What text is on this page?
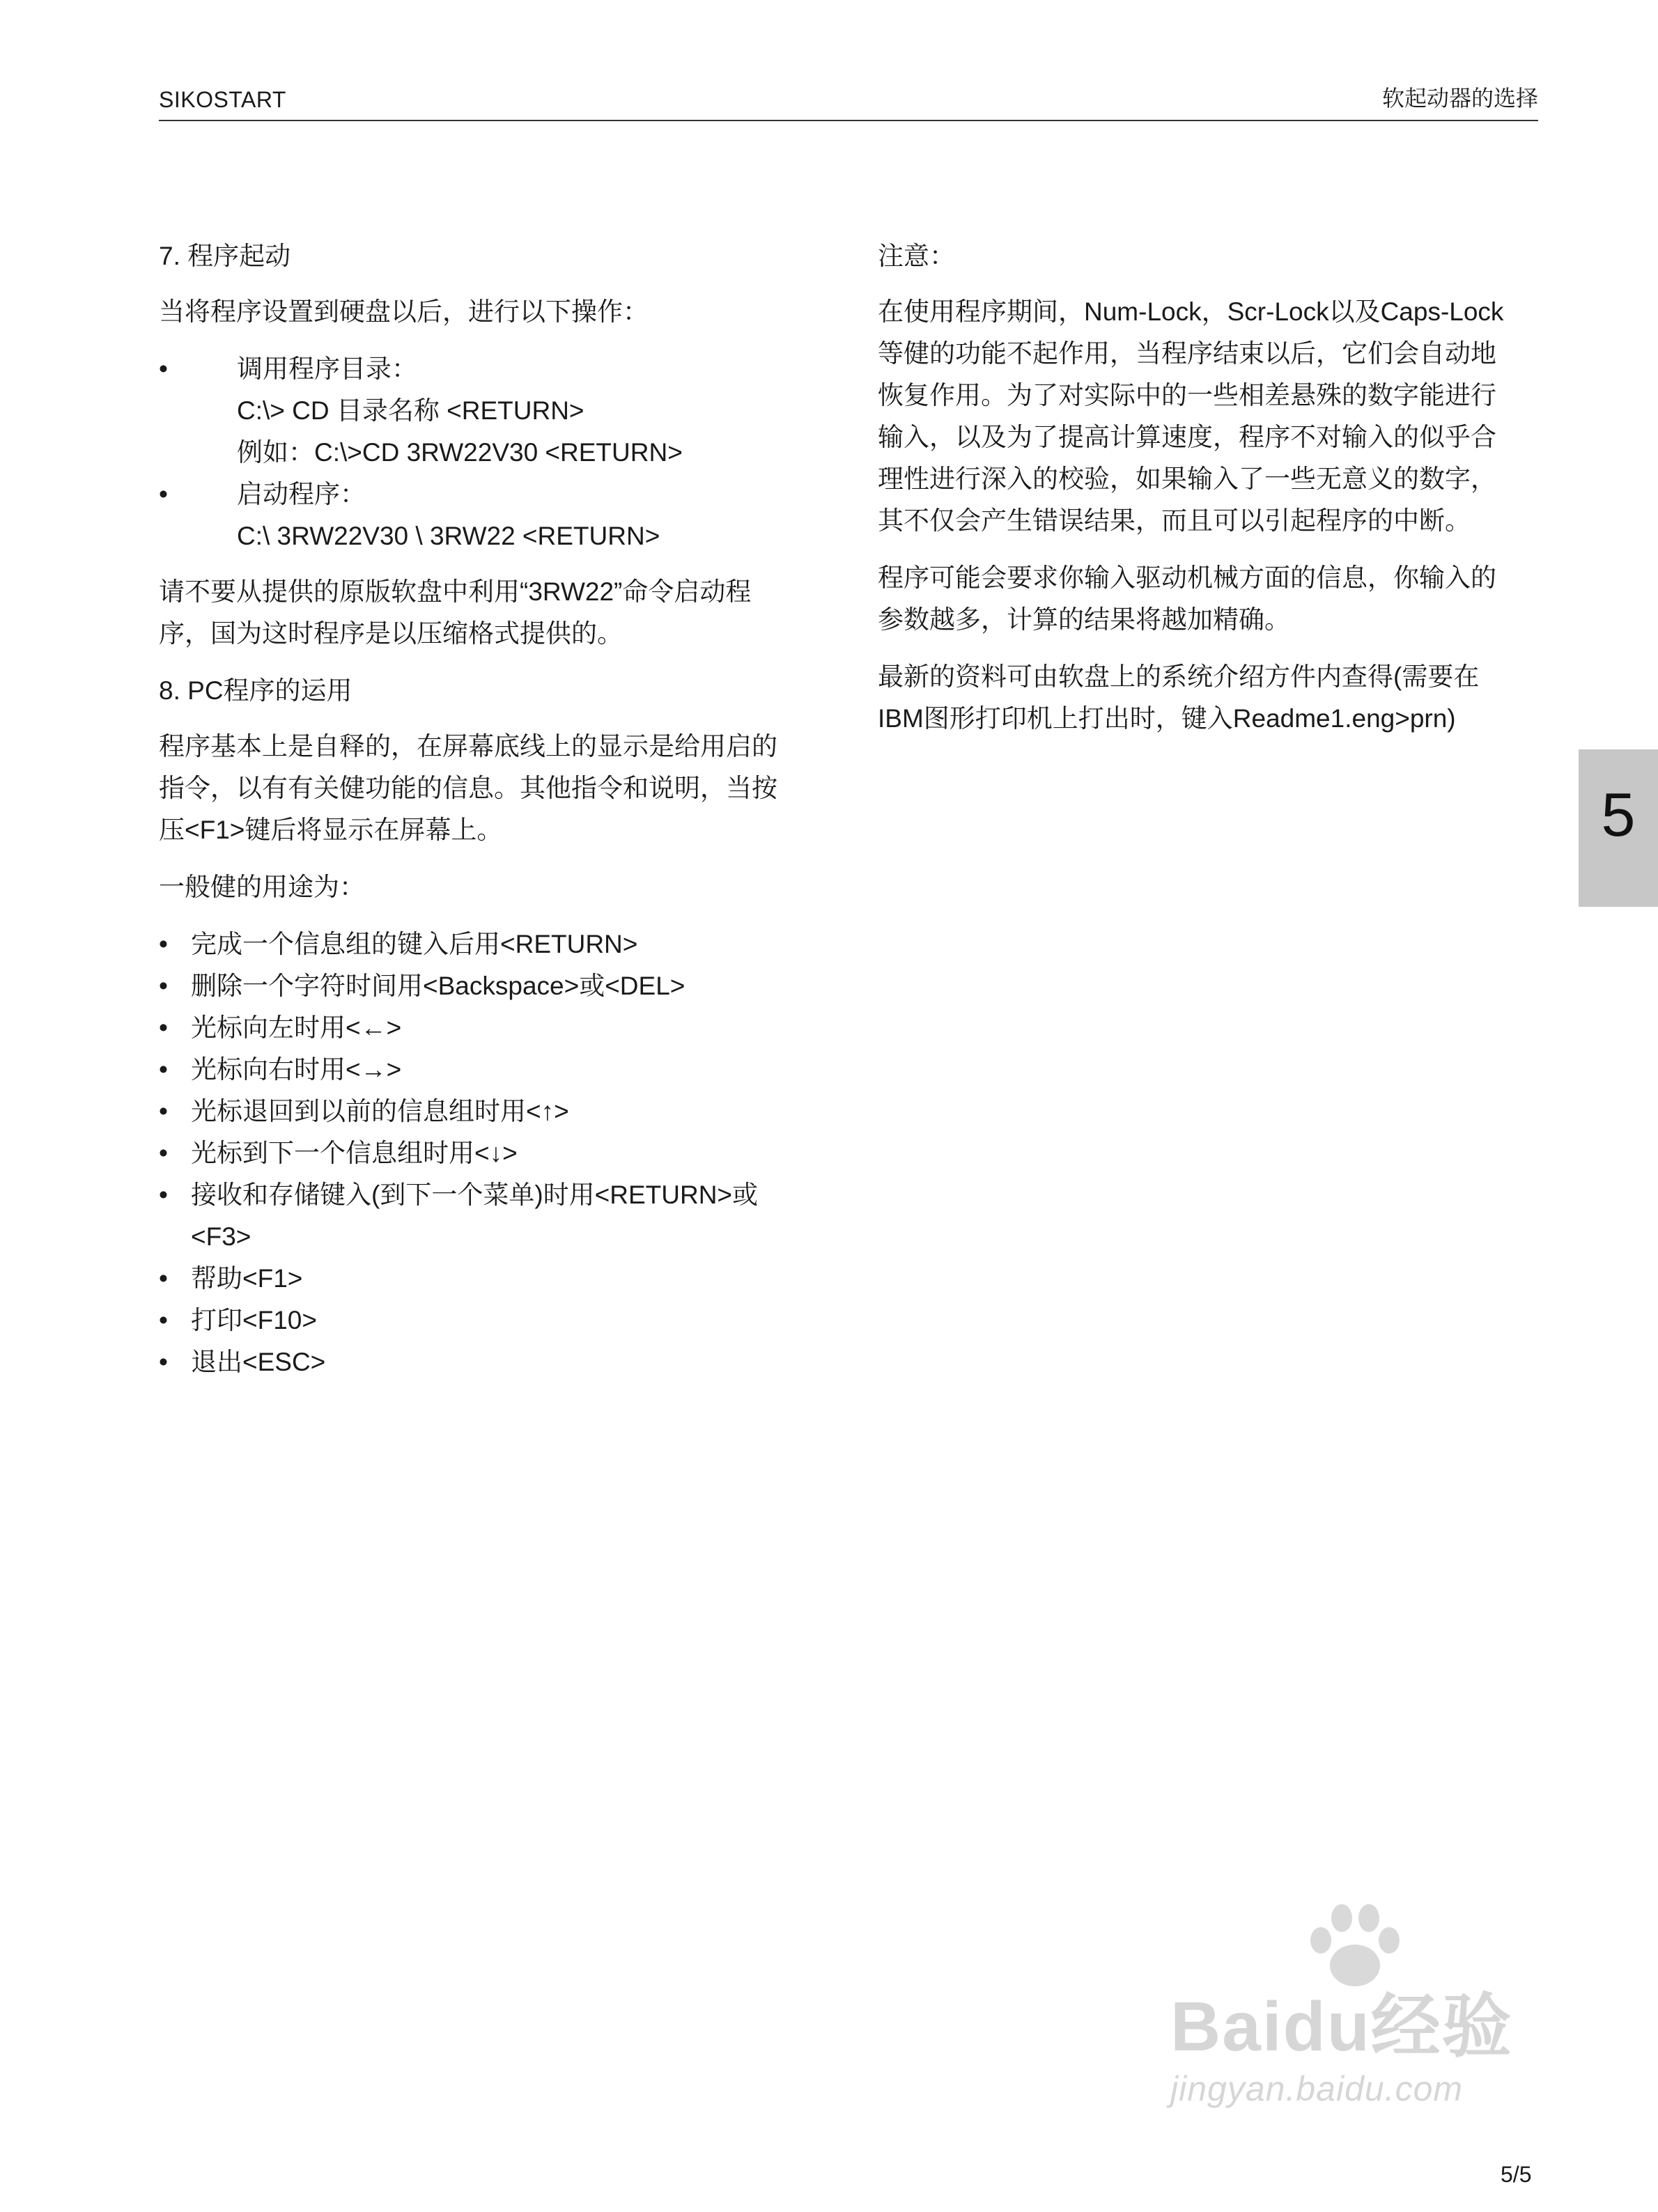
SIKOSTART	软起动器的选择
7. 程序起动
当将程序设置到硬盘以后，进行以下操作：
•	调用程序目录：
C:\> CD 目录名称 <RETURN>
例如：C:\>CD 3RW22V30 <RETURN>
•	启动程序：
C:\ 3RW22V30 \ 3RW22 <RETURN>
请不要从提供的原版软盘中利用“3RW22”命令启动程
序，国为这时程序是以压缩格式提供的。
8. PC程序的运用
程序基本上是自释的，在屏幕底线上的显示是给用启的
指令，以有有关健功能的信息。其他指令和说明，当按
压<F1>键后将显示在屏幕上。
一般健的用途为：
• 完成一个信息组的键入后用<RETURN>
• 删除一个字符时间用<Backspace>或<DEL>
• 光标向左时用<←>
• 光标向右时用<→>
• 光标退回到以前的信息组时用<↑>
• 光标到下一个信息组时用<↓>
• 接收和存储键入(到下一个菜单)时用<RETURN>或
<F3>
• 帮助<F1>
• 打印<F10>
• 退出<ESC>
注意：
在使用程序期间，Num-Lock，Scr-Lock以及Caps-Lock
等健的功能不起作用，当程序结束以后，它们会自动地
恢复作用。为了对实际中的一些相差悬殊的数字能进行
输入，以及为了提高计算速度，程序不对输入的似乎合
理性进行深入的校验，如果输入了一些无意义的数字，
其不仅会产生错误结果，而且可以引起程序的中断。
程序可能会要求你输入驱动机械方面的信息，你输入的
参数越多，计算的结果将越加精确。
最新的资料可由软盘上的系统介绍方件内查得(需要在
IBM图形打印机上打出时，键入Readme1.eng>prn)
5
Baidu经验
jingyan.baidu.com
5/5
